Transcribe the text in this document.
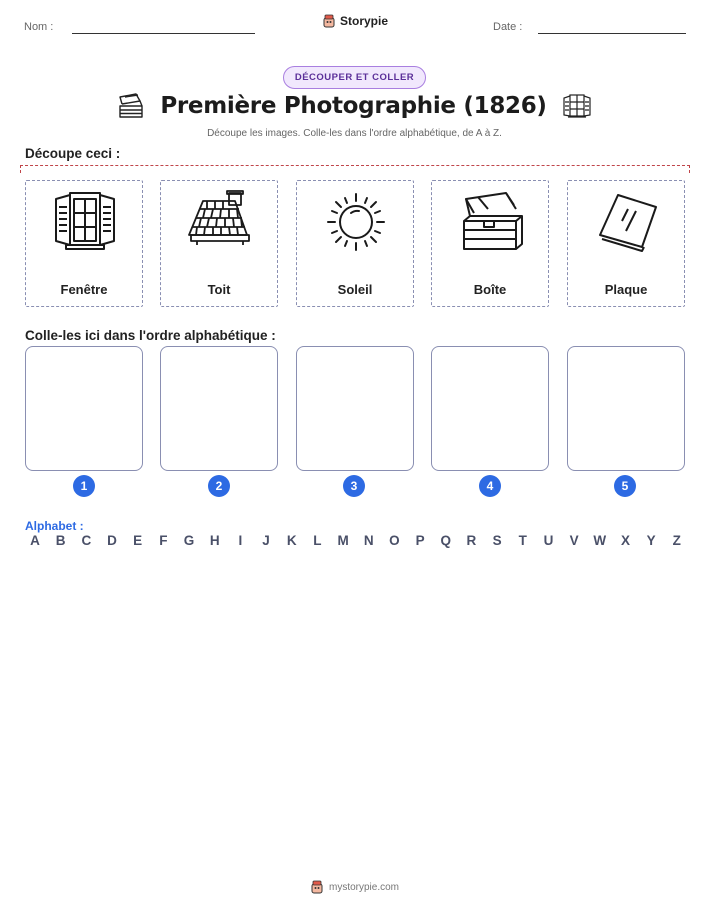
Nom :	Storypie	Date :
DÉCOUPER ET COLLER
Première Photographie (1826)
Découpe les images. Colle-les dans l'ordre alphabétique, de A à Z.
Découpe ceci :
Fenêtre	Toit	Soleil	Boîte	Plaque
Colle-les ici dans l'ordre alphabétique :
1	2	3	4	5
Alphabet :
A	B	C	D	E	F	G	H	I	J	K	L	M	N	O	P	Q	R	S	T	U	V	W	X	Y	Z
mystorypie.com
